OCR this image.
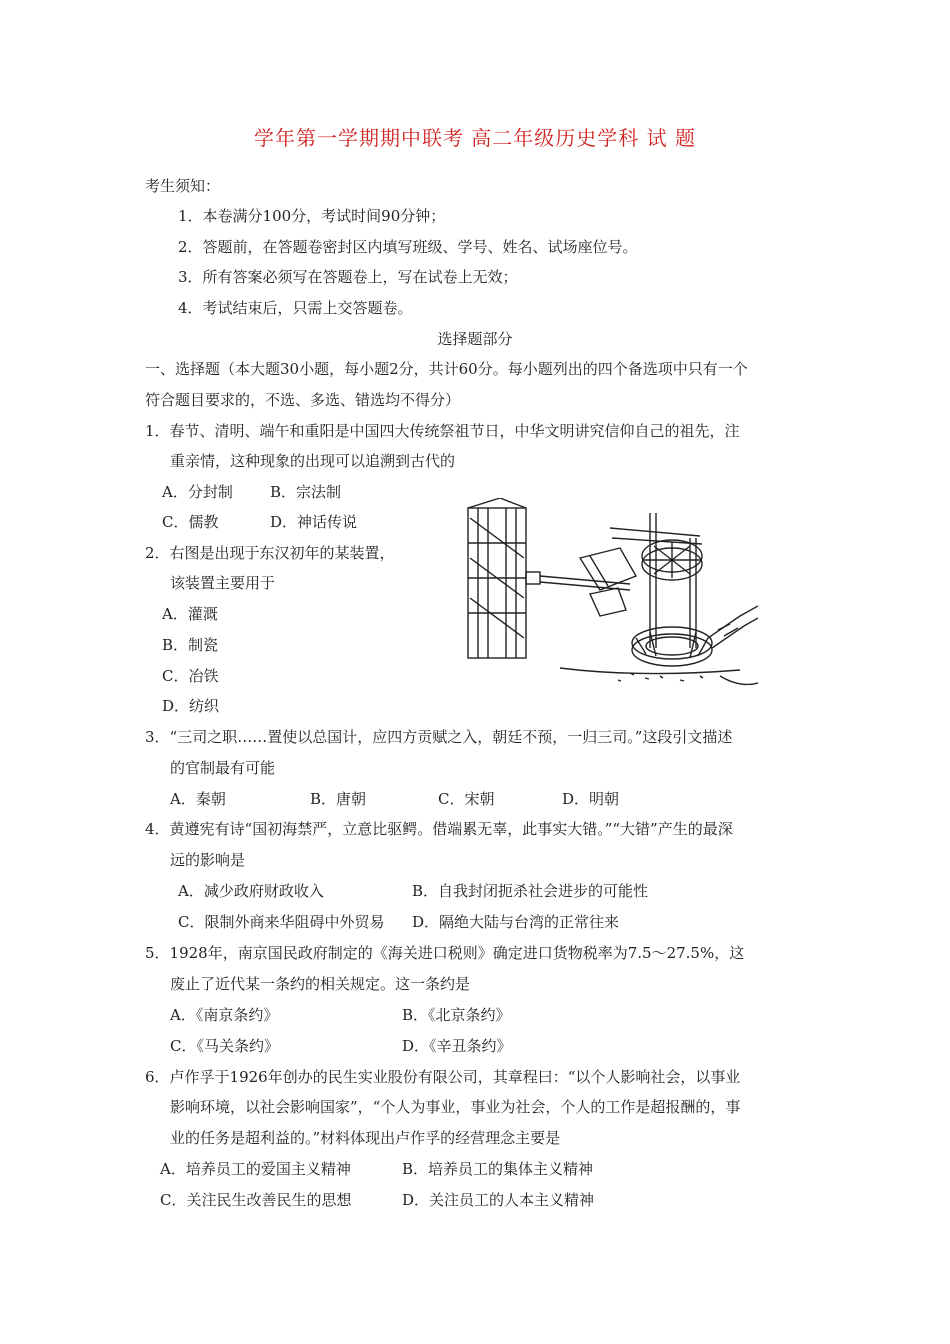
学年第一学期期中联考 高二年级历史学科 试 题
考生须知：
1．本卷满分100分，考试时间90分钟；
2．答题前，在答题卷密封区内填写班级、学号、姓名、试场座位号。
3．所有答案必须写在答题卷上，写在试卷上无效；
4．考试结束后，只需上交答题卷。
选择题部分
一、选择题（本大题30小题，每小题2分，共计60分。每小题列出的四个备选项中只有一个
符合题目要求的，不选、多选、错选均不得分）
1．春节、清明、端午和重阳是中国四大传统祭祖节日，中华文明讲究信仰自己的祖先，注
重亲情，这种现象的出现可以追溯到古代的
A．分封制 B．宗法制
C．儒教	D．神话传说
2．右图是出现于东汉初年的某装置，
该装置主要用于
A．灌溉
B．制瓷
C．冶铁
D．纺织
3．“三司之职……置使以总国计，应四方贡赋之入，朝廷不预，一归三司。”这段引文描述
的官制最有可能
A．秦朝	B．唐朝	C．宋朝	D．明朝
4．黄遵宪有诗“国初海禁严，立意比驱鳄。借端累无辜，此事实大错。”“大错”产生的最深
远的影响是
A．减少政府财政收入	B．自我封闭扼杀社会进步的可能性
C．限制外商来华阻碍中外贸易 D．隔绝大陆与台湾的正常往来
5．1928年，南京国民政府制定的《海关进口税则》确定进口货物税率为7.5～27.5%，这
废止了近代某一条约的相关规定。这一条约是
A．《南京条约》	B．《北京条约》
C．《马关条约》	D．《辛丑条约》
6．卢作孚于1926年创办的民生实业股份有限公司，其章程曰：“以个人影响社会，以事业
影响环境，以社会影响国家”，“个人为事业，事业为社会，个人的工作是超报酬的，事
业的任务是超利益的。”材料体现出卢作孚的经营理念主要是
A．培养员工的爱国主义精神	B．培养员工的集体主义精神
C．关注民生改善民生的思想	D．关注员工的人本主义精神
